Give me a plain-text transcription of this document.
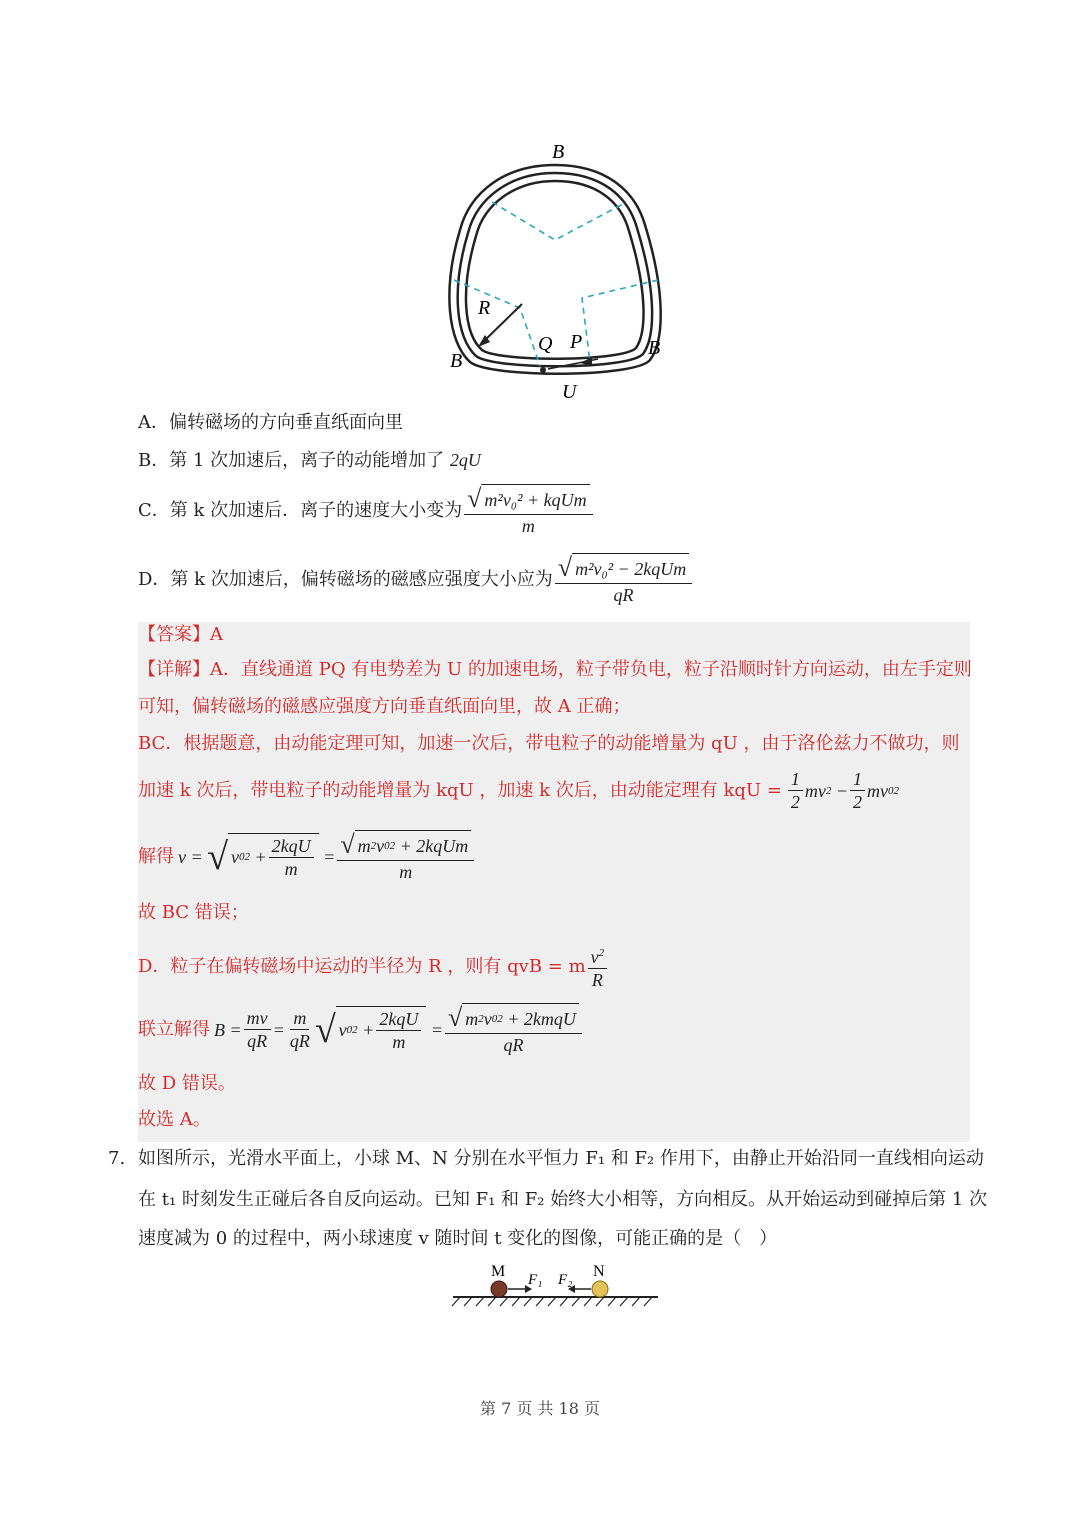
B
B
B
R
Q P
U
A．偏转磁场的方向垂直纸面向里
B．第 1 次加速后，离子的动能增加了 2qU
C． 第 k 次加速后．离子的速度大小变为 $\frac{\text{√ m²v₀² + kqUm}}{m}$
D． 第 k 次加速后，偏转磁场的磁感应强度大小应为 $\frac{\text{√ m²v₀² − 2kqUm}}{qR}$
【答案】A
【详解】A．直线通道 PQ 有电势差为 U 的加速电场，粒子带负电，粒子沿顺时针方向运动，由左手定则
可知，偏转磁场的磁感应强度方向垂直纸面向里，故 A 正确；
BC．根据题意，由动能定理可知，加速一次后，带电粒子的动能增量为 qU ，由于洛伦兹力不做功，则
加速 k 次后，带电粒子的动能增量为 kqU ，加速 k 次后，由动能定理有 kqU = $\frac{1}{2}$ mv $2 - \frac{1}{2}$ mv 0 2
解得 v = √ v 0 $2 + \frac{\text{2kqU}}{m} = \frac{\text{√ m 2 v 0 2 + 2kqUm}}{m}$
故 BC 错误；
D．粒子在偏转磁场中运动的半径为 R ，则有 qvB = m $\frac{v^2}{R}$
联立解得 $B = \frac{mv}{qR} = \frac{m}{qR}$ √ v 0 $2 + \frac{\text{2kqU}}{m} = \frac{\text{√ m 2 v 0 2 + 2kmqU}}{qR}$
故 D 错误。
故选 A。
7. 如图所示，光滑水平面上，小球 M、N 分别在水平恒力 F₁ 和 F₂ 作用下，由静止开始沿同一直线相向运动
在 t₁ 时刻发生正碰后各自反向运动。已知 F₁ 和 F₂ 始终大小相等，方向相反。从开始运动到碰掉后第 1 次
速度减为 0 的过程中，两小球速度 v 随时间 t 变化的图像，可能正确的是（　）
M	N
F₁ F₂
第 7 页 共 18 页
